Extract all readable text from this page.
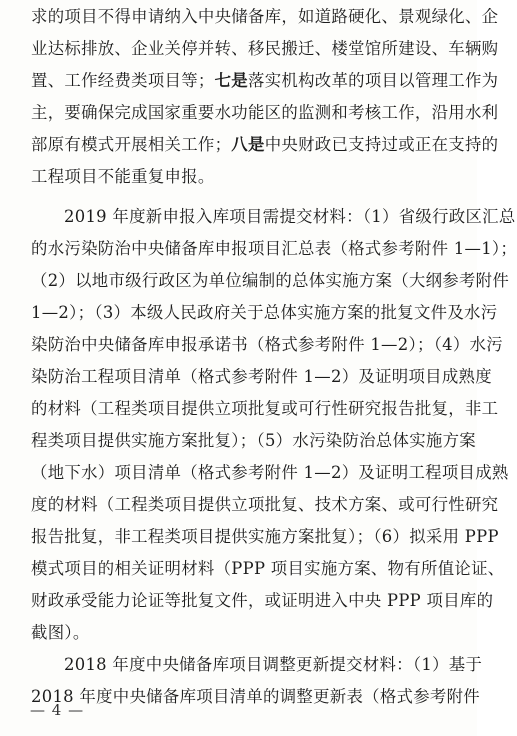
求的项目不得申请纳入中央储备库，如道路硬化、景观绿化、企
业达标排放、企业关停并转、移民搬迁、楼堂馆所建设、车辆购
置、工作经费类项目等；七是落实机构改革的项目以管理工作为
主，要确保完成国家重要水功能区的监测和考核工作，沿用水利
部原有模式开展相关工作；八是中央财政已支持过或正在支持的
工程项目不能重复申报。
2019 年度新申报入库项目需提交材料：（1）省级行政区汇总
的水污染防治中央储备库申报项目汇总表（格式参考附件 1—1）；
（2）以地市级行政区为单位编制的总体实施方案（大纲参考附件
1—2）；（3）本级人民政府关于总体实施方案的批复文件及水污
染防治中央储备库申报承诺书（格式参考附件 1—2）；（4）水污
染防治工程项目清单（格式参考附件 1—2）及证明项目成熟度
的材料（工程类项目提供立项批复或可行性研究报告批复，非工
程类项目提供实施方案批复）；（5）水污染防治总体实施方案
（地下水）项目清单（格式参考附件 1—2）及证明工程项目成熟
度的材料（工程类项目提供立项批复、技术方案、或可行性研究
报告批复，非工程类项目提供实施方案批复）；（6）拟采用 PPP
模式项目的相关证明材料（PPP 项目实施方案、物有所值论证、
财政承受能力论证等批复文件，或证明进入中央 PPP 项目库的
截图）。
2018 年度中央储备库项目调整更新提交材料：（1）基于
2018 年度中央储备库项目清单的调整更新表（格式参考附件
— 4 —
